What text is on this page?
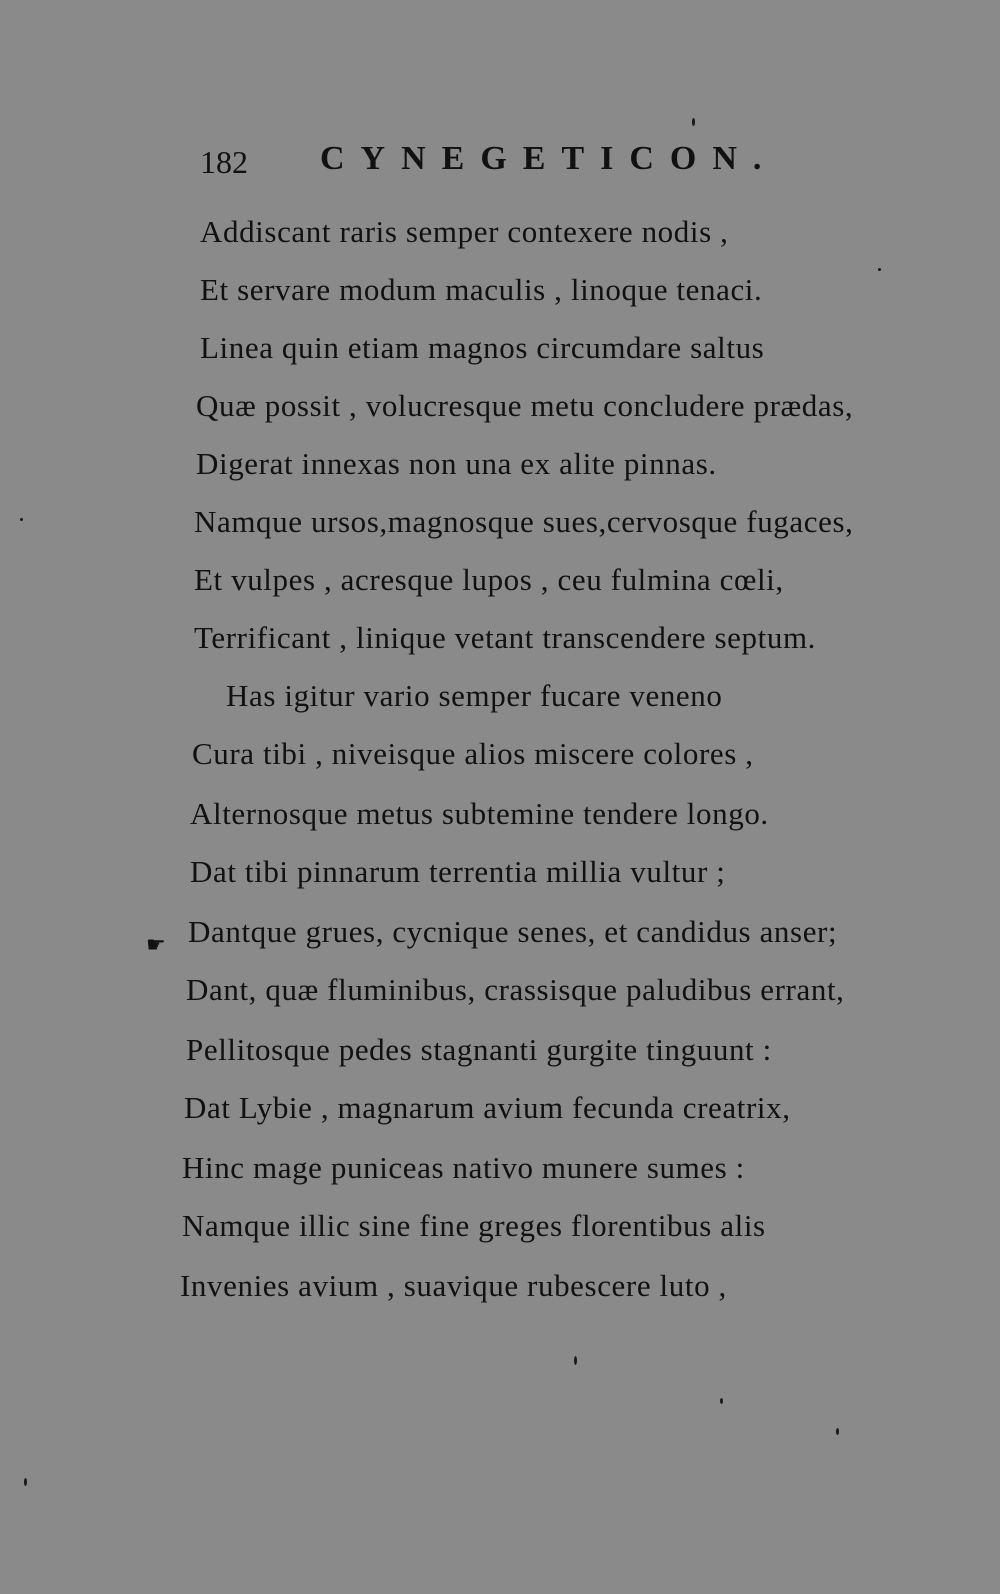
182 CYNEGETICON.
☛
Addiscant raris semper contexere nodis ,
Et servare modum maculis , linoque tenaci.
Linea quin etiam magnos circumdare saltus
Quæ possit , volucresque metu concludere prædas,
Digerat innexas non una ex alite pinnas.
Namque ursos,magnosque sues,cervosque fugaces,
Et vulpes , acresque lupos , ceu fulmina cœli,
Terrificant , linique vetant transcendere septum.
Has igitur vario semper fucare veneno
Cura tibi , niveisque alios miscere colores ,
Alternosque metus subtemine tendere longo.
Dat tibi pinnarum terrentia millia vultur ;
Dantque grues, cycnique senes, et candidus anser;
Dant, quæ fluminibus, crassisque paludibus errant,
Pellitosque pedes stagnanti gurgite tinguunt :
Dat Lybie , magnarum avium fecunda creatrix,
Hinc mage puniceas nativo munere sumes :
Namque illic sine fine greges florentibus alis
Invenies avium , suavique rubescere luto ,
